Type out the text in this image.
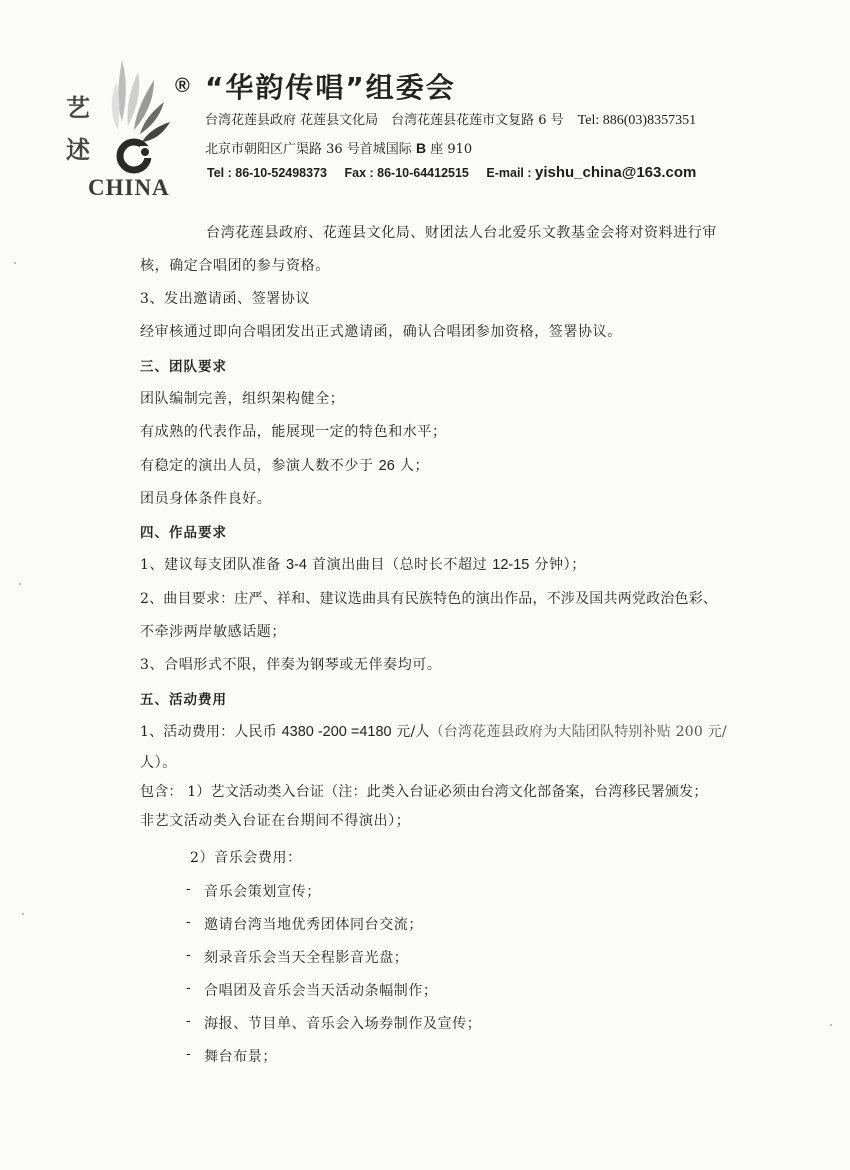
艺
述
CHINA
® “华韵传唱”组委会
台湾花莲县政府 花莲县文化局　台湾花莲县花莲市文复路 6 号 Tel: 886(03)8357351
北京市朝阳区广渠路 36 号首城国际 B 座 910
Tel : 86-10-52498373 Fax : 86-10-64412515 E-mail : yishu_china@163.com
台湾花莲县政府、花莲县文化局、财团法人台北爱乐文教基金会将对资料进行审
核，确定合唱团的参与资格。
3、发出邀请函、签署协议
经审核通过即向合唱团发出正式邀请函，确认合唱团参加资格，签署协议。
三、团队要求
团队编制完善，组织架构健全；
有成熟的代表作品，能展现一定的特色和水平；
有稳定的演出人员，参演人数不少于 26 人；
团员身体条件良好。
四、作品要求
1、建议每支团队准备 3-4 首演出曲目（总时长不超过 12-15 分钟）；
2、曲目要求：庄严、祥和、建议选曲具有民族特色的演出作品，不涉及国共两党政治色彩、
不牵涉两岸敏感话题；
3、合唱形式不限，伴奏为钢琴或无伴奏均可。
五、活动费用
1、活动费用：人民币 4380 -200 =4180 元/人（台湾花莲县政府为大陆团队特别补贴 200 元/
人）。
包含： 1）艺文活动类入台证（注：此类入台证必须由台湾文化部备案，台湾移民署颁发；
非艺文活动类入台证在台期间不得演出）；
2）音乐会费用：
- 音乐会策划宣传；
- 邀请台湾当地优秀团体同台交流；
- 刻录音乐会当天全程影音光盘；
- 合唱团及音乐会当天活动条幅制作；
- 海报、节目单、音乐会入场券制作及宣传；
- 舞台布景；
